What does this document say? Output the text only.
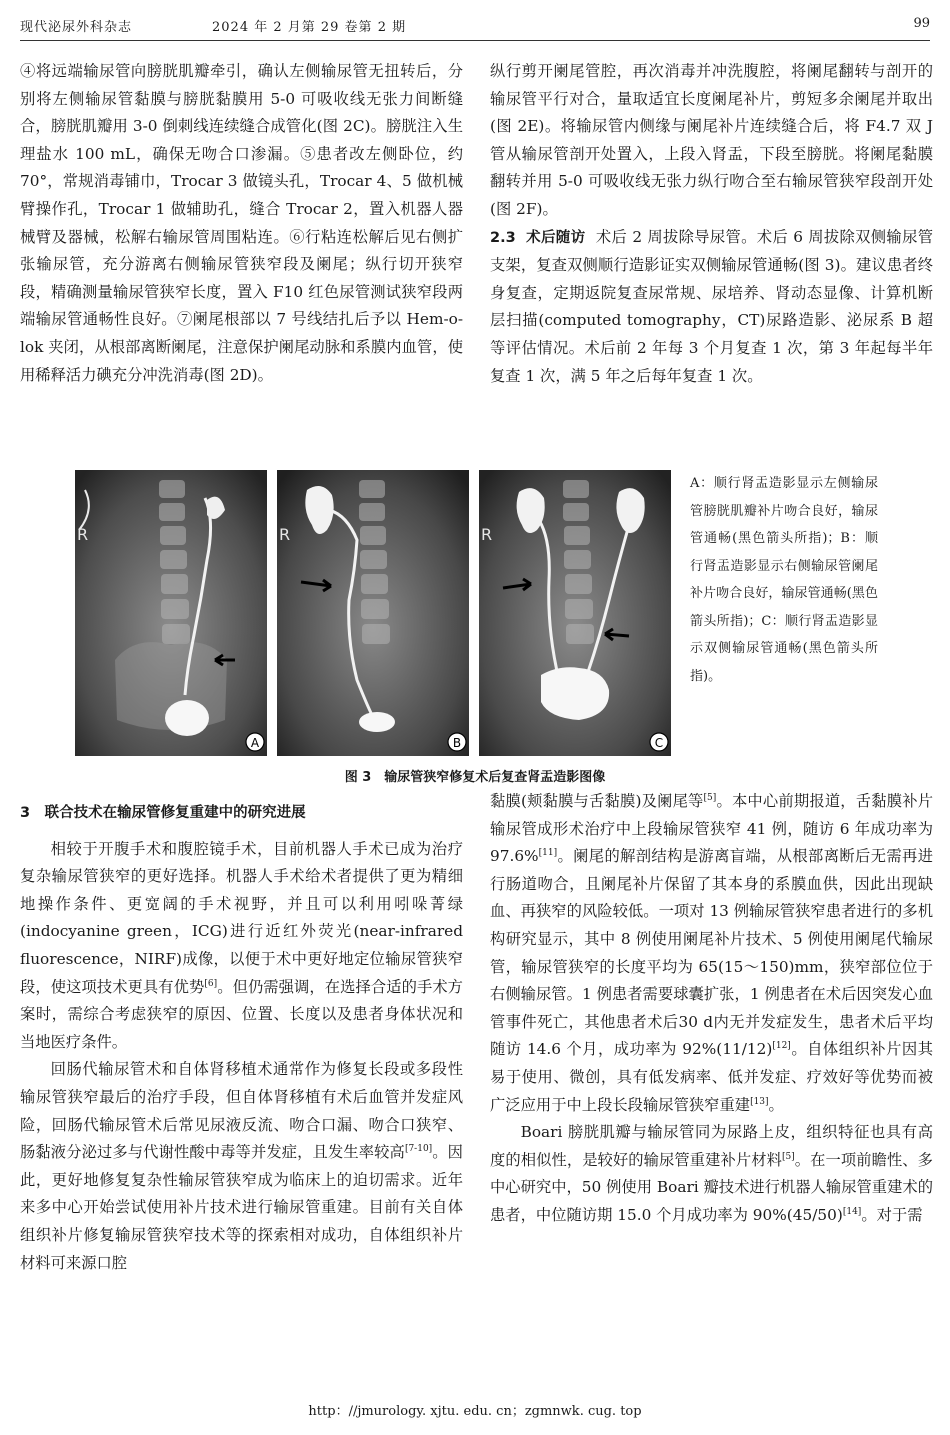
现代泌尿外科杂志	2024 年 2 月第 29 卷第 2 期	99

④将远端输尿管向膀胱肌瓣牵引，确认左侧输尿管无扭转后，分别将左侧输尿管黏膜与膀胱黏膜用 5-0 可吸收线无张力间断缝合，膀胱肌瓣用 3-0 倒刺线连续缝合成管化(图 2C)。膀胱注入生理盐水 100 mL，确保无吻合口渗漏。⑤患者改左侧卧位，约 70°，常规消毒铺巾，Trocar 3 做镜头孔，Trocar 4、5 做机械臂操作孔，Trocar 1 做辅助孔，缝合 Trocar 2，置入机器人器械臂及器械，松解右输尿管周围粘连。⑥行粘连松解后见右侧扩张输尿管，充分游离右侧输尿管狭窄段及阑尾；纵行切开狭窄段，精确测量输尿管狭窄长度，置入 F10 红色尿管测试狭窄段两端输尿管通畅性良好。⑦阑尾根部以 7 号线结扎后予以 Hem-o-lok 夹闭，从根部离断阑尾，注意保护阑尾动脉和系膜内血管，使用稀释活力碘充分冲洗消毒(图 2D)。

纵行剪开阑尾管腔，再次消毒并冲洗腹腔，将阑尾翻转与剖开的输尿管平行对合，量取适宜长度阑尾补片，剪短多余阑尾并取出(图 2E)。将输尿管内侧缘与阑尾补片连续缝合后，将 F4.7 双 J 管从输尿管剖开处置入，上段入肾盂，下段至膀胱。将阑尾黏膜翻转并用 5-0 可吸收线无张力纵行吻合至右输尿管狭窄段剖开处(图 2F)。

2.3 术后随访 术后 2 周拔除导尿管。术后 6 周拔除双侧输尿管支架，复查双侧顺行造影证实双侧输尿管通畅(图 3)。建议患者终身复查，定期返院复查尿常规、尿培养、肾动态显像、计算机断层扫描(computed tomography，CT)尿路造影、泌尿系 B 超等评估情况。术后前 2 年每 3 个月复查 1 次，第 3 年起每半年复查 1 次，满 5 年之后每年复查 1 次。

R
A
R
B
R
C
A：顺行肾盂造影显示左侧输尿管膀胱肌瓣补片吻合良好，输尿管通畅(黑色箭头所指)；B：顺行肾盂造影显示右侧输尿管阑尾补片吻合良好，输尿管通畅(黑色箭头所指)；C：顺行肾盂造影显示双侧输尿管通畅(黑色箭头所指)。
图 3　输尿管狭窄修复术后复查肾盂造影图像

3　联合技术在输尿管修复重建中的研究进展

相较于开腹手术和腹腔镜手术，目前机器人手术已成为治疗复杂输尿管狭窄的更好选择。机器人手术给术者提供了更为精细地操作条件、更宽阔的手术视野，并且可以利用吲哚菁绿(indocyanine green，ICG)进行近红外荧光(near-infrared fluorescence，NIRF)成像，以便于术中更好地定位输尿管狭窄段，使这项技术更具有优势[6]。但仍需强调，在选择合适的手术方案时，需综合考虑狭窄的原因、位置、长度以及患者身体状况和当地医疗条件。

回肠代输尿管术和自体肾移植术通常作为修复长段或多段性输尿管狭窄最后的治疗手段，但自体肾移植有术后血管并发症风险，回肠代输尿管术后常见尿液反流、吻合口漏、吻合口狭窄、肠黏液分泌过多与代谢性酸中毒等并发症，且发生率较高[7-10]。因此，更好地修复复杂性输尿管狭窄成为临床上的迫切需求。近年来多中心开始尝试使用补片技术进行输尿管重建。目前有关自体组织补片修复输尿管狭窄技术等的探索相对成功，自体组织补片材料可来源口腔

黏膜(颊黏膜与舌黏膜)及阑尾等[5]。本中心前期报道，舌黏膜补片输尿管成形术治疗中上段输尿管狭窄 41 例，随访 6 年成功率为 97.6%[11]。阑尾的解剖结构是游离盲端，从根部离断后无需再进行肠道吻合，且阑尾补片保留了其本身的系膜血供，因此出现缺血、再狭窄的风险较低。一项对 13 例输尿管狭窄患者进行的多机构研究显示，其中 8 例使用阑尾补片技术、5 例使用阑尾代输尿管，输尿管狭窄的长度平均为 65(15～150)mm，狭窄部位位于右侧输尿管。1 例患者需要球囊扩张，1 例患者在术后因突发心血管事件死亡，其他患者术后30 d内无并发症发生，患者术后平均随访 14.6 个月，成功率为 92%(11/12)[12]。自体组织补片因其易于使用、微创，具有低发病率、低并发症、疗效好等优势而被广泛应用于中上段长段输尿管狭窄重建[13]。

Boari 膀胱肌瓣与输尿管同为尿路上皮，组织特征也具有高度的相似性，是较好的输尿管重建补片材料[5]。在一项前瞻性、多中心研究中，50 例使用 Boari 瓣技术进行机器人输尿管重建术的患者，中位随访期 15.0 个月成功率为 90%(45/50)[14]。对于需

http：//jmurology. xjtu. edu. cn；zgmnwk. cug. top
